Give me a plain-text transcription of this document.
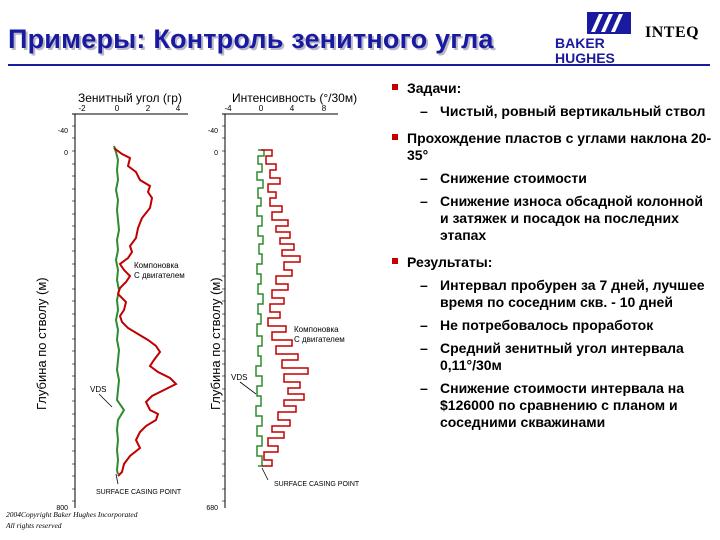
Примеры: Контроль зенитного угла	BAKER
HUGHES
INTEQ
Зенитный угол (гр)
-2	0	2	4
-40
0
800
Глубина по стволу (м)
Компоновка
С двигателем
VDS
SURFACE CASING POINT
Интенсивность (°/30м)
-4	0	4	8
-40
0
680
Глубина по стволу (м)	Компоновка
С двигателем
VDS
SURFACE CASING POINT
Задачи:
– Чистый, ровный вертикальный ствол
Прохождение пластов с углами наклона 20-35°
– Снижение стоимости
– Снижение износа обсадной колонной и затяжек и посадок на последних этапах
Результаты:
– Интервал пробурен за 7 дней, лучшее время по соседним скв. - 10 дней
– Не потребовалось проработок
– Средний зенитный угол интервала 0,11°/30м
– Снижение стоимости интервала на $126000 по сравнению с планом и соседними скважинами
2004Copyright Baker Hughes Incorporated
All rights reserved
